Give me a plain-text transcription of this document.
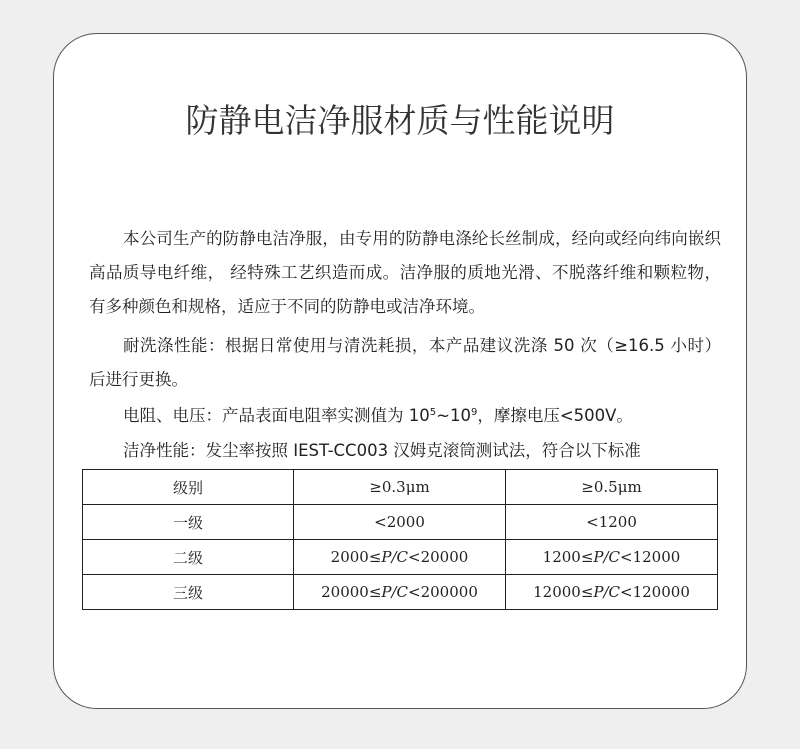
防静电洁净服材质与性能说明

本公司生产的防静电洁净服，由专用的防静电涤纶长丝制成，经向或经向纬向嵌织高品质导电纤维， 经特殊工艺织造而成。洁净服的质地光滑、不脱落纤维和颗粒物，有多种颜色和规格，适应于不同的防静电或洁净环境。

耐洗涤性能：根据日常使用与清洗耗损，本产品建议洗涤 50 次（≥16.5 小时）后进行更换。

电阻、电压：产品表面电阻率实测值为 $10^5\sim 10^9$，摩擦电压<500V。

洁净性能：发尘率按照 IEST-CC003 汉姆克滚筒测试法，符合以下标准

级别	≥0.3μm	≥0.5μm
一级	<2000	<1200
二级	2000≤P/C<20000	1200≤P/C<12000
三级	20000≤P/C<200000	12000≤P/C<120000
